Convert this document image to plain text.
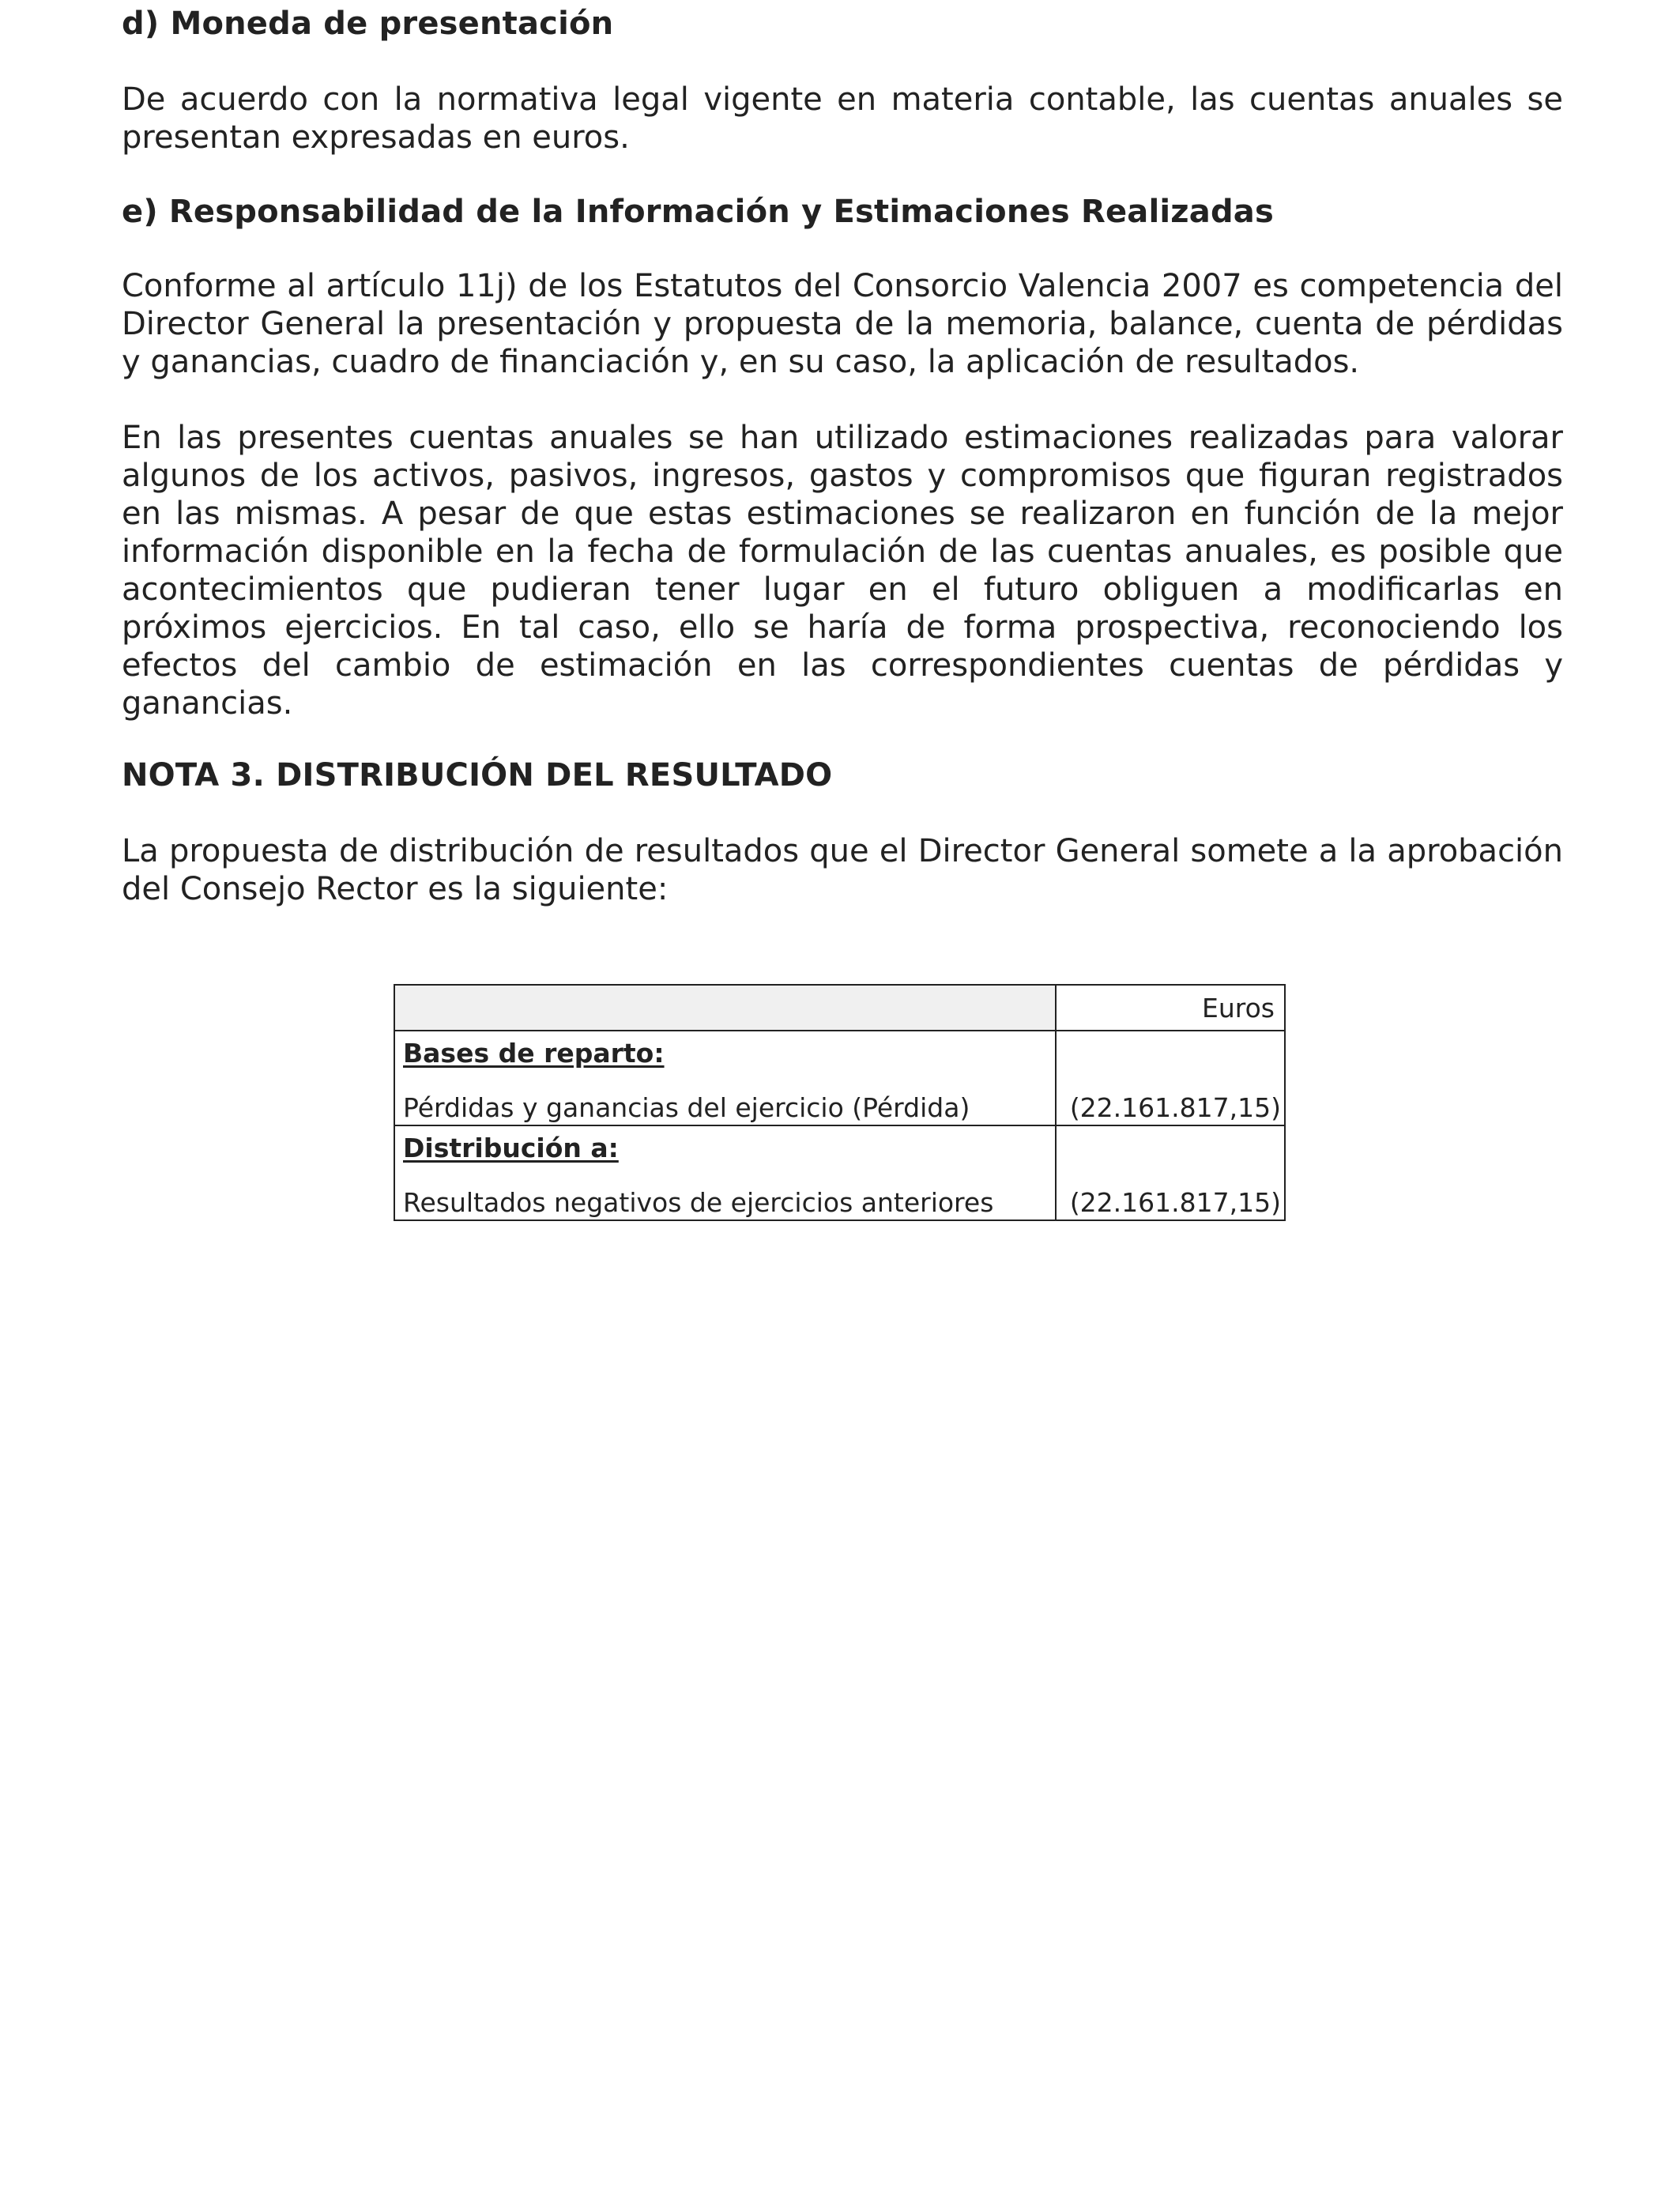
d) Moneda de presentación

De acuerdo con la normativa legal vigente en materia contable, las cuentas anuales se presentan expresadas en euros.

e) Responsabilidad de la Información y Estimaciones Realizadas

Conforme al artículo 11j) de los Estatutos del Consorcio Valencia 2007 es competencia del Director General la presentación y propuesta de la memoria, balance, cuenta de pérdidas y ganancias, cuadro de financiación y, en su caso, la aplicación de resultados.

En las presentes cuentas anuales se han utilizado estimaciones realizadas para valorar algunos de los activos, pasivos, ingresos, gastos y compromisos que figuran registrados en las mismas. A pesar de que estas estimaciones se realizaron en función de la mejor información disponible en la fecha de formulación de las cuentas anuales, es posible que acontecimientos que pudieran tener lugar en el futuro obliguen a modificarlas en próximos ejercicios. En tal caso, ello se haría de forma prospectiva, reconociendo los efectos del cambio de estimación en las correspondientes cuentas de pérdidas y ganancias.

NOTA 3. DISTRIBUCIÓN DEL RESULTADO

La propuesta de distribución de resultados que el Director General somete a la aprobación del Consejo Rector es la siguiente:

	Euros

Bases de reparto:
Pérdidas y ganancias del ejercicio (Pérdida)	(22.161.817,15)

Distribución a:
Resultados negativos de ejercicios anteriores	(22.161.817,15)
